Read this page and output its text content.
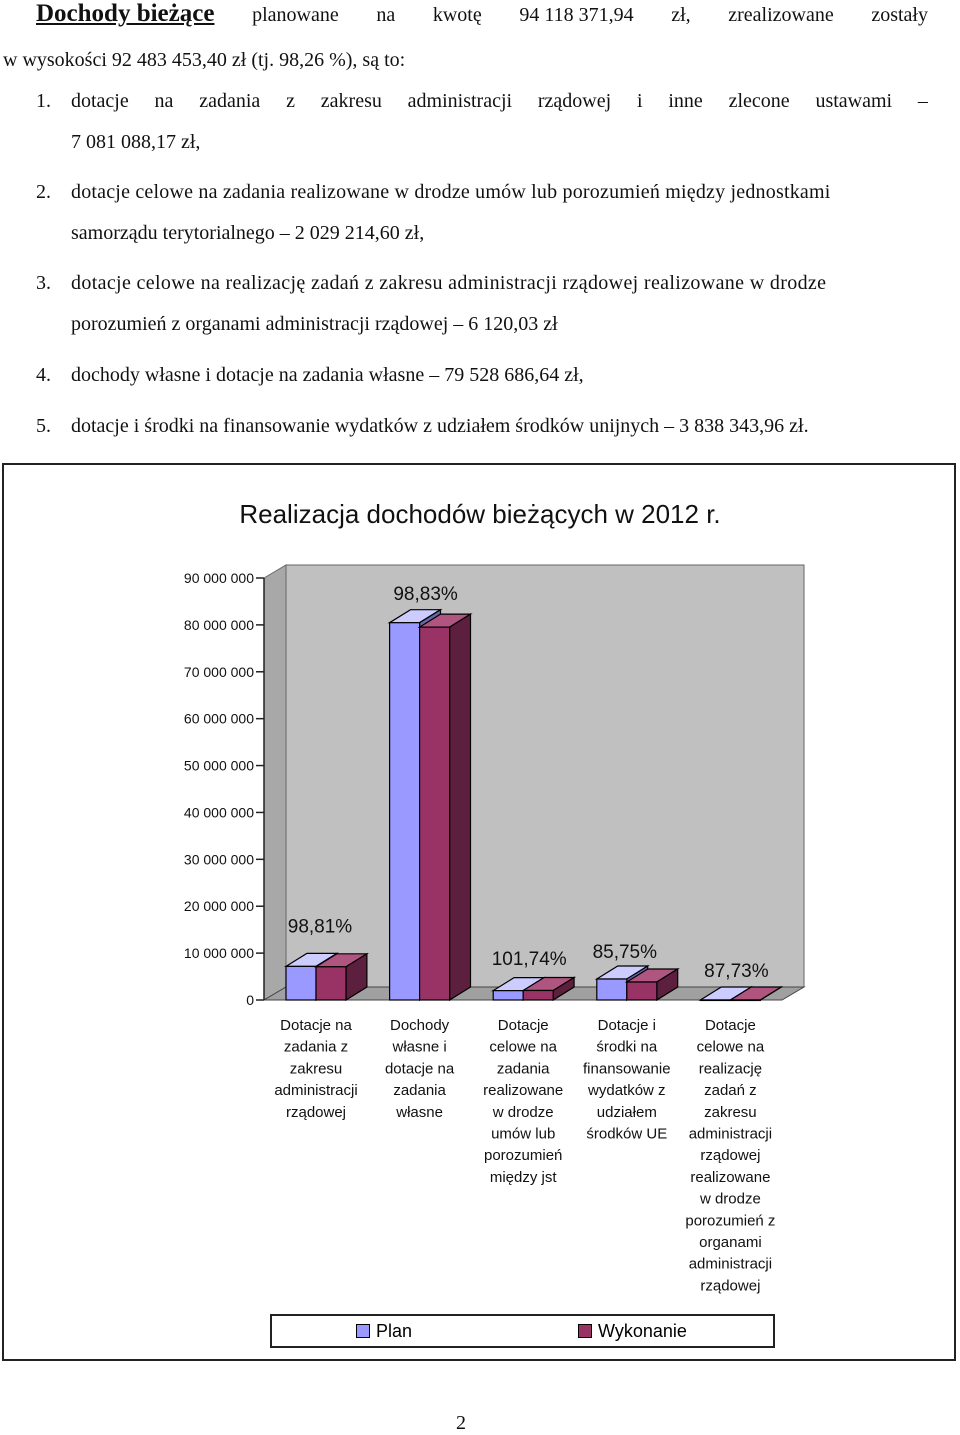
Dochody bieżące planowane na kwotę 94 118 371,94 zł, zrealizowane zostały
w wysokości 92 483 453,40 zł (tj. 98,26 %), są to:
1. dotacje na zadania z zakresu administracji rządowej i inne zlecone ustawami –
7 081 088,17 zł,
2. dotacje celowe na zadania realizowane w drodze umów lub porozumień między jednostkami
samorządu terytorialnego – 2 029 214,60 zł,
3. dotacje celowe na realizację zadań z zakresu administracji rządowej realizowane w drodze
porozumień z organami administracji rządowej – 6 120,03 zł
4. dochody własne i dotacje na zadania własne – 79 528 686,64 zł,
5. dotacje i środki na finansowanie wydatków z udziałem środków unijnych – 3 838 343,96 zł.
Realizacja dochodów bieżących w 2012 r.
0
10 000 000
20 000 000
30 000 000
40 000 000
50 000 000
60 000 000
70 000 000
80 000 000
90 000 000
98,81%
Dotacje na
zadania z
zakresu
administracji
rządowej
98,83%
Dochody
własne i
dotacje na
zadania
własne
101,74%
Dotacje
celowe na
zadania
realizowane
w drodze
umów lub
porozumień
między jst
85,75%
Dotacje i
środki na
finansowanie
wydatków z
udziałem
środków UE
87,73%
Dotacje
celowe na
realizację
zadań z
zakresu
administracji
rządowej
realizowane
w drodze
porozumień z
organami
administracji
rządowej
Plan	Wykonanie
2
